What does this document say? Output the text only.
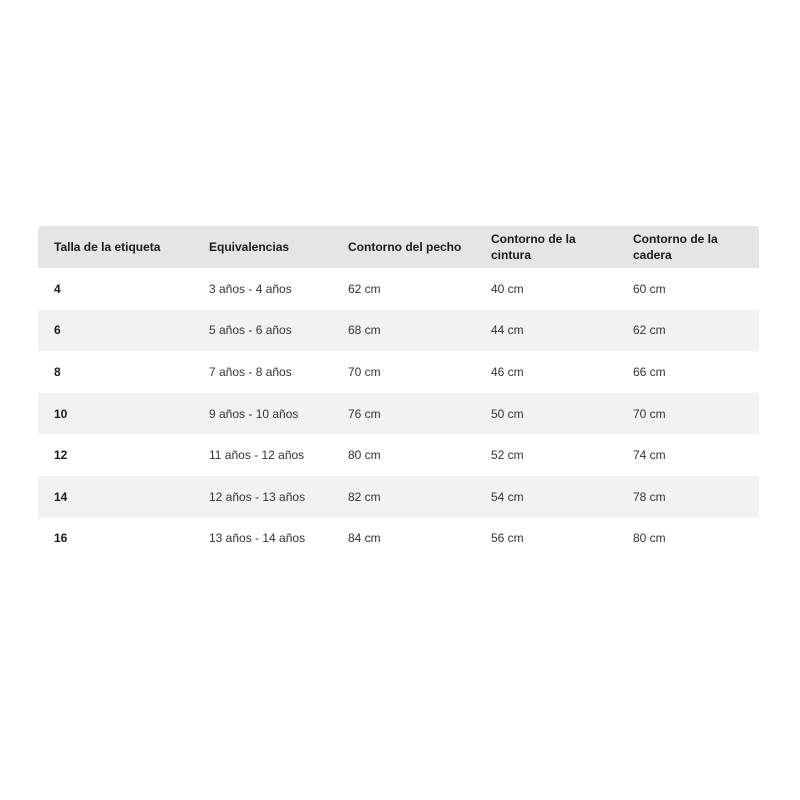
Talla de la etiqueta	Equivalencias	Contorno del pecho	Contorno de la cintura	Contorno de la cadera
4	3 años - 4 años	62 cm	40 cm	60 cm
6	5 años - 6 años	68 cm	44 cm	62 cm
8	7 años - 8 años	70 cm	46 cm	66 cm
10	9 años - 10 años	76 cm	50 cm	70 cm
12	11 años - 12 años	80 cm	52 cm	74 cm
14	12 años - 13 años	82 cm	54 cm	78 cm
16	13 años - 14 años	84 cm	56 cm	80 cm
